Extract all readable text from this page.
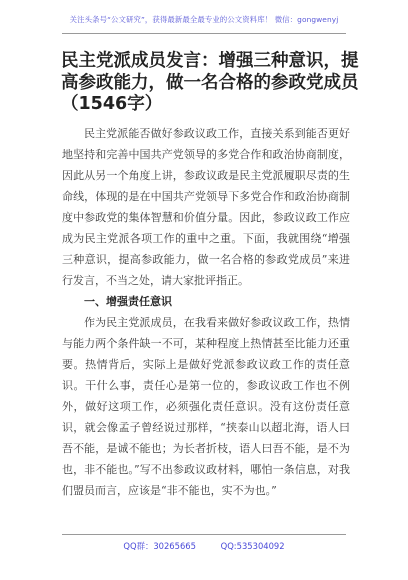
关注头条号“公文研究”，获得最新最全最专业的公文资料库！ 微信：gongwenyj
民主党派成员发言：增强三种意识，提高参政能力，做一名合格的参政党成员（1546字）

民主党派能否做好参政议政工作，直接关系到能否更好地坚持和完善中国共产党领导的多党合作和政治协商制度，因此从另一个角度上讲，参政议政是民主党派履职尽责的生命线，体现的是在中国共产党领导下多党合作和政治协商制度中参政党的集体智慧和价值分量。因此，参政议政工作应成为民主党派各项工作的重中之重。下面，我就围绕“增强三种意识，提高参政能力，做一名合格的参政党成员”来进行发言，不当之处，请大家批评指正。

一、增强责任意识

作为民主党派成员，在我看来做好参政议政工作，热情与能力两个条件缺一不可，某种程度上热情甚至比能力还重要。热情背后，实际上是做好党派参政议政工作的责任意识。干什么事，责任心是第一位的，参政议政工作也不例外，做好这项工作，必须强化责任意识。没有这份责任意识，就会像孟子曾经说过那样，“挟泰山以超北海，语人曰吾不能，是诚不能也；为长者折枝，语人曰吾不能，是不为也，非不能也。”写不出参政议政材料，哪怕一条信息，对我们盟员而言，应该是“非不能也，实不为也。”

QQ群：30265665	QQ:535304092
